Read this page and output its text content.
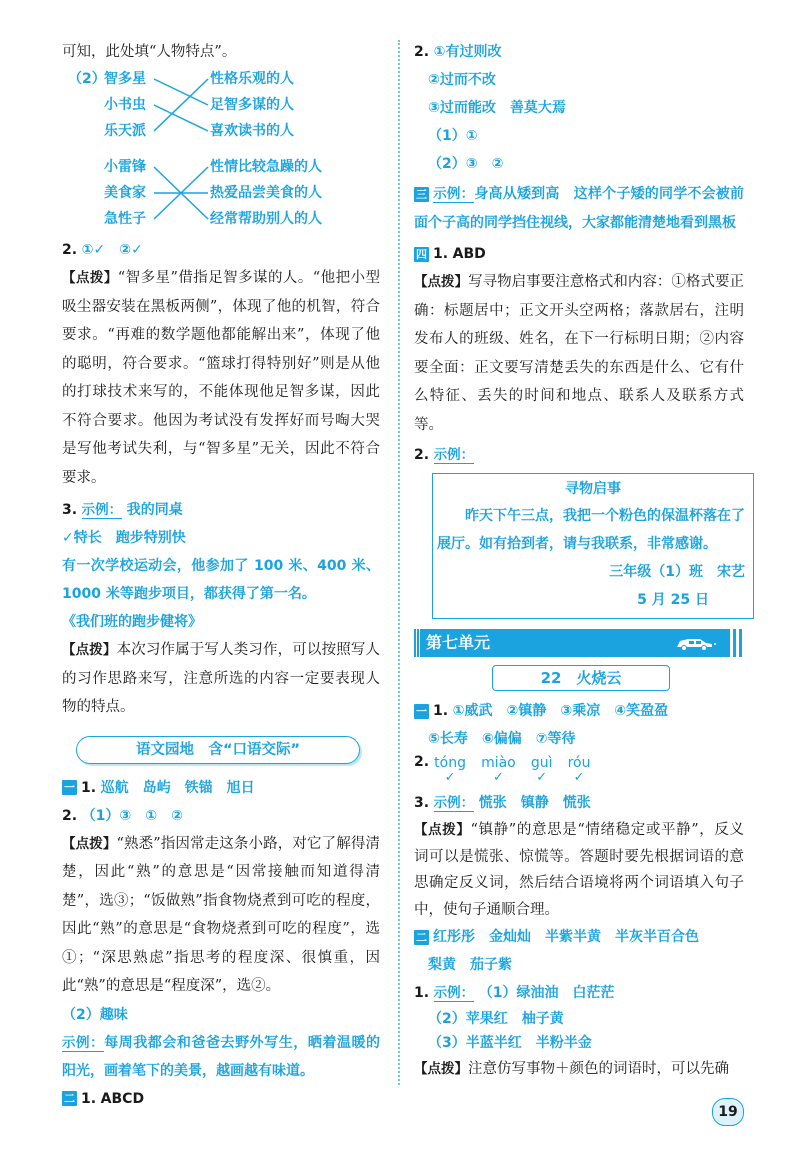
可知，此处填“人物特点”。
（2）
智多星
小书虫
乐天派
性格乐观的人
足智多谋的人
喜欢读书的人
小雷锋
美食家
急性子
性情比较急躁的人
热爱品尝美食的人
经常帮助别人的人
2. ①✓　②✓
【点拨】“智多星”借指足智多谋的人。“他把小型吸尘器安装在黑板两侧”，体现了他的机智，符合要求。“再难的数学题他都能解出来”，体现了他的聪明，符合要求。“篮球打得特别好”则是从他的打球技术来写的，不能体现他足智多谋，因此不符合要求。他因为考试没有发挥好而号啕大哭是写他考试失利，与“智多星”无关，因此不符合要求。
3. 示例： 我的同桌
✓特长　跑步特别快
有一次学校运动会，他参加了 100 米、400 米、1000 米等跑步项目，都获得了第一名。
《我们班的跑步健将》
【点拨】本次习作属于写人类习作，可以按照写人的习作思路来写，注意所选的内容一定要表现人物的特点。
语文园地　含“口语交际”
一 1. 巡航　岛屿　铁锚　旭日
2. （1）③　①　②
【点拨】“熟悉”指因常走这条小路，对它了解得清楚，因此“熟”的意思是“因常接触而知道得清楚”，选③；“饭做熟”指食物烧煮到可吃的程度，因此“熟”的意思是“食物烧煮到可吃的程度”，选①；“深思熟虑”指思考的程度深、很慎重，因此“熟”的意思是“程度深”，选②。
（2）趣味
示例：每周我都会和爸爸去野外写生，晒着温暖的阳光，画着笔下的美景，越画越有味道。
二 1. ABCD
2. ①有过则改
②过而不改
③过而能改　善莫大焉
（1）①
（2）③　②
三 示例：身高从矮到高　这样个子矮的同学不会被前面个子高的同学挡住视线，大家都能清楚地看到黑板
四 1. ABD
【点拨】写寻物启事要注意格式和内容：①格式要正确：标题居中；正文开头空两格；落款居右，注明发布人的班级、姓名，在下一行标明日期；②内容要全面：正文要写清楚丢失的东西是什么、它有什么特征、丢失的时间和地点、联系人及联系方式等。
2. 示例：
寻物启事
昨天下午三点，我把一个粉色的保温杯落在了展厅。如有拾到者，请与我联系，非常感谢。
三年级（1）班　宋艺
5 月 25 日
第七单元
22　火烧云
一 1. ①威武　②镇静　③乘凉　④笑盈盈
⑤长寿　⑥偏偏　⑦等待
2. tóng
✓
miào
✓
guì
✓
róu
✓
3. 示例： 慌张　镇静　慌张
【点拨】“镇静”的意思是“情绪稳定或平静”，反义词可以是慌张、惊慌等。答题时要先根据词语的意思确定反义词，然后结合语境将两个词语填入句子中，使句子通顺合理。
二 红彤彤　金灿灿　半紫半黄　半灰半百合色
梨黄　茄子紫
1. 示例： （1）绿油油　白茫茫
（2）苹果红　柚子黄
（3）半蓝半红　半粉半金
【点拨】注意仿写事物＋颜色的词语时，可以先确
19
